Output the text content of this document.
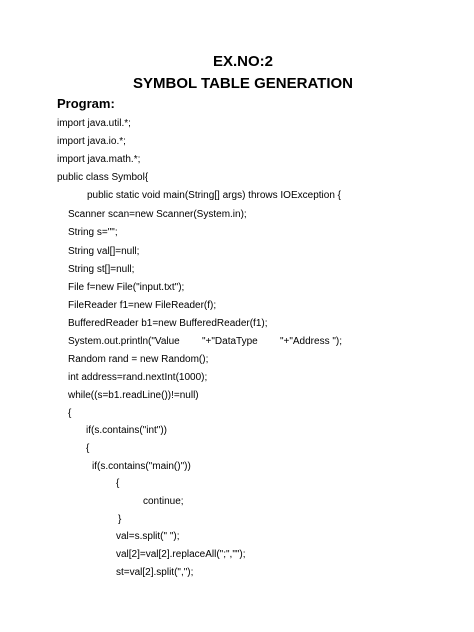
EX.NO:2
SYMBOL TABLE GENERATION
Program:
import java.util.*;
import java.io.*;
import java.math.*;
public class Symbol{
public static void main(String[] args) throws IOException {
Scanner scan=new Scanner(System.in);
String s="";
String val[]=null;
String st[]=null;
File f=new File("input.txt");
FileReader f1=new FileReader(f);
BufferedReader b1=new BufferedReader(f1);
System.out.println("Value        "+"DataType        "+"Address ");
Random rand = new Random();
int address=rand.nextInt(1000);
while((s=b1.readLine())!=null)
{
if(s.contains("int"))
{
if(s.contains("main()"))
{
continue;
}
val=s.split(" ");
val[2]=val[2].replaceAll(";","");
st=val[2].split(",");
